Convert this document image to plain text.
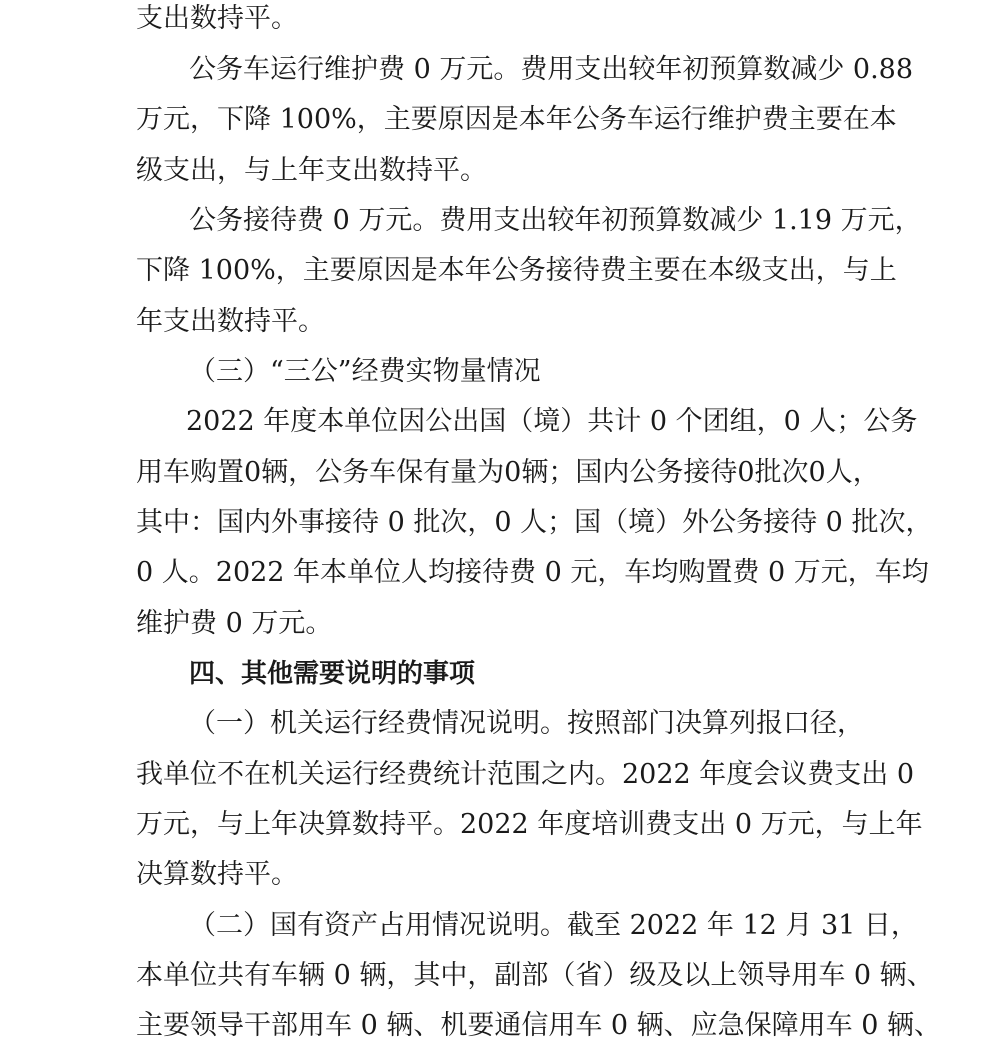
支出数持平。
公务车运行维护费 0 万元。费用支出较年初预算数减少 0.88
万元，下降 100%，主要原因是本年公务车运行维护费主要在本
级支出，与上年支出数持平。
公务接待费 0 万元。费用支出较年初预算数减少 1.19 万元，
下降 100%，主要原因是本年公务接待费主要在本级支出，与上
年支出数持平。
（三）“三公”经费实物量情况
2022 年度本单位因公出国（境）共计 0 个团组，0 人；公务
用车购置0辆，公务车保有量为0辆；国内公务接待0批次0人，
其中：国内外事接待 0 批次，0 人；国（境）外公务接待 0 批次，
0 人。2022 年本单位人均接待费 0 元，车均购置费 0 万元，车均
维护费 0 万元。
四、其他需要说明的事项
（一）机关运行经费情况说明。按照部门决算列报口径，
我单位不在机关运行经费统计范围之内。2022 年度会议费支出 0
万元，与上年决算数持平。2022 年度培训费支出 0 万元，与上年
决算数持平。
（二）国有资产占用情况说明。截至 2022 年 12 月 31 日，
本单位共有车辆 0 辆，其中，副部（省）级及以上领导用车 0 辆、
主要领导干部用车 0 辆、机要通信用车 0 辆、应急保障用车 0 辆、
